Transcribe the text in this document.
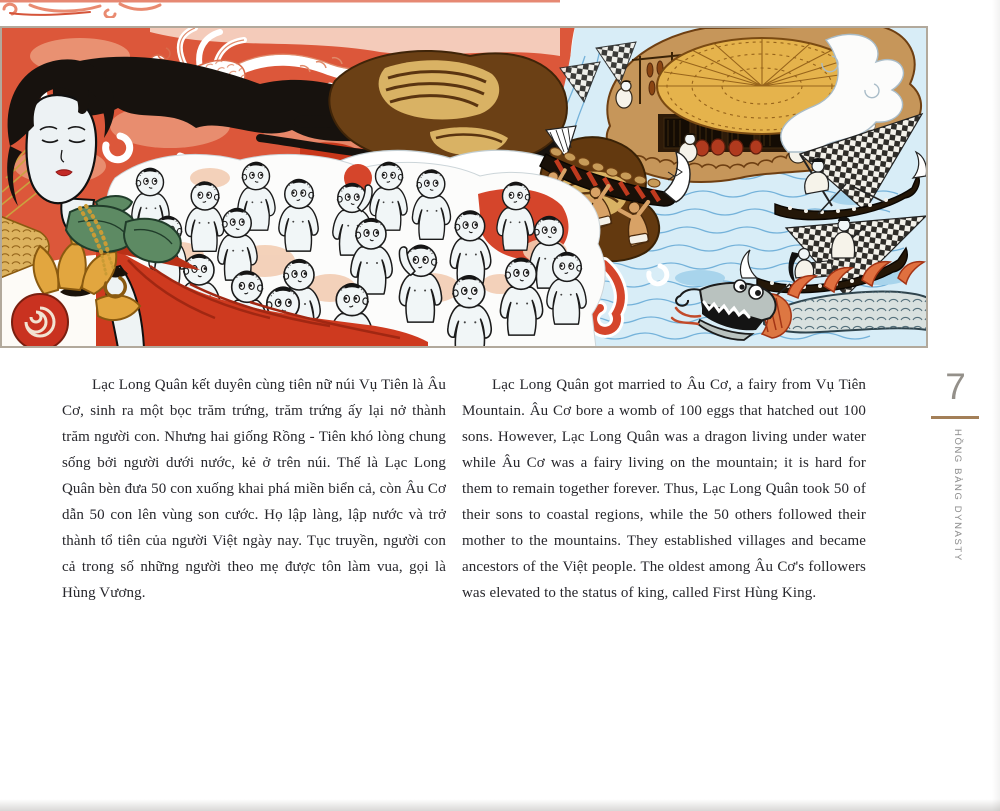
Lạc Long Quân kết duyên cùng tiên nữ núi Vụ Tiên là Âu Cơ, sinh ra một bọc trăm trứng, trăm trứng ấy lại nở thành trăm người con. Nhưng hai giống Rồng - Tiên khó lòng chung sống bởi người dưới nước, kẻ ở trên núi. Thế là Lạc Long Quân bèn đưa 50 con xuống khai phá miền biển cả, còn Âu Cơ dẫn 50 con lên vùng son cước. Họ lập làng, lập nước và trở thành tổ tiên của người Việt ngày nay. Tục truyền, người con cả trong số những người theo mẹ được tôn làm vua, gọi là Hùng Vương.

Lạc Long Quân got married to Âu Cơ, a fairy from Vụ Tiên Mountain. Âu Cơ bore a womb of 100 eggs that hatched out 100 sons. However, Lạc Long Quân was a dragon living under water while Âu Cơ was a fairy living on the mountain; it is hard for them to remain together forever. Thus, Lạc Long Quân took 50 of their sons to coastal regions, while the 50 others followed their mother to the mountains. They established villages and became ancestors of the Việt people. The oldest among Âu Cơ's followers was elevated to the status of king, called First Hùng King.

7
HỒNG BÀNG DYNASTY
